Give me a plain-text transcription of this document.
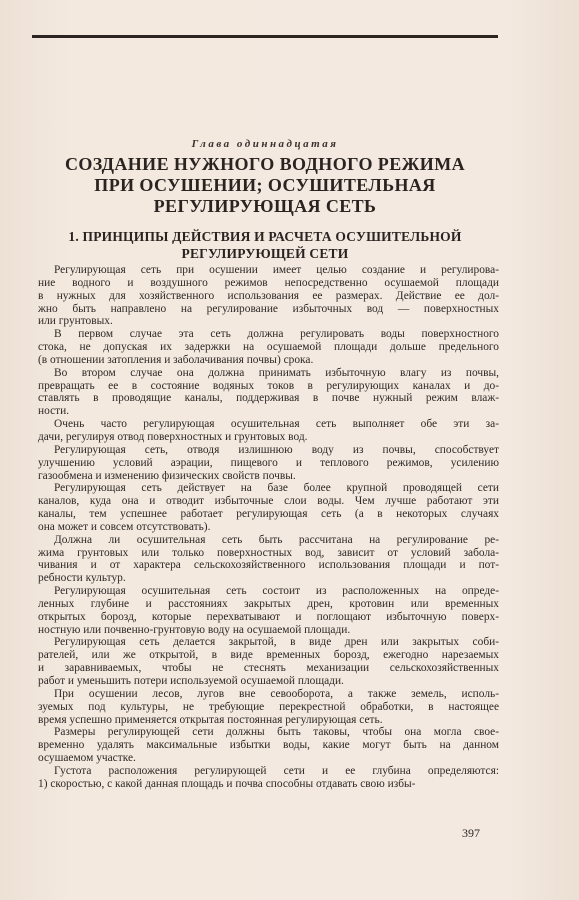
Глава одиннадцатая
СОЗДАНИЕ НУЖНОГО ВОДНОГО РЕЖИМА
ПРИ ОСУШЕНИИ; ОСУШИТЕЛЬНАЯ
РЕГУЛИРУЮЩАЯ СЕТЬ
1. ПРИНЦИПЫ ДЕЙСТВИЯ И РАСЧЕТА ОСУШИТЕЛЬНОЙ
РЕГУЛИРУЮЩЕЙ СЕТИ

Регулирующая сеть при осушении имеет целью создание и регулирова-
ние водного и воздушного режимов непосредственно осушаемой площади
в нужных для хозяйственного использования ее размерах. Действие ее дол-
жно быть направлено на регулирование избыточных вод — поверхностных
или грунтовых.

В первом случае эта сеть должна регулировать воды поверхностного
стока, не допуская их задержки на осушаемой площади дольше предельного
(в отношении затопления и заболачивания почвы) срока.

Во втором случае она должна принимать избыточную влагу из почвы,
превращать ее в состояние водяных токов в регулирующих каналах и до-
ставлять в проводящие каналы, поддерживая в почве нужный режим влаж-
ности.

Очень часто регулирующая осушительная сеть выполняет обе эти за-
дачи, регулируя отвод поверхностных и грунтовых вод.

Регулирующая сеть, отводя излишнюю воду из почвы, способствует
улучшению условий аэрации, пищевого и теплового режимов, усилению
газообмена и изменению физических свойств почвы.

Регулирующая сеть действует на базе более крупной проводящей сети
каналов, куда она и отводит избыточные слои воды. Чем лучше работают эти
каналы, тем успешнее работает регулирующая сеть (а в некоторых случаях
она может и совсем отсутствовать).

Должна ли осушительная сеть быть рассчитана на регулирование ре-
жима грунтовых или только поверхностных вод, зависит от условий забола-
чивания и от характера сельскохозяйственного использования площади и пот-
ребности культур.

Регулирующая осушительная сеть состоит из расположенных на опреде-
ленных глубине и расстояниях закрытых дрен, кротовин или временных
открытых борозд, которые перехватывают и поглощают избыточную поверх-
ностную или почвенно-грунтовую воду на осушаемой площади.

Регулирующая сеть делается закрытой, в виде дрен или закрытых соби-
рателей, или же открытой, в виде временных борозд, ежегодно нарезаемых
и заравниваемых, чтобы не стеснять механизации сельскохозяйственных
работ и уменьшить потери используемой осушаемой площади.

При осушении лесов, лугов вне севооборота, а также земель, исполь-
зуемых под культуры, не требующие перекрестной обработки, в настоящее
время успешно применяется открытая постоянная регулирующая сеть.

Размеры регулирующей сети должны быть таковы, чтобы она могла свое-
временно удалять максимальные избытки воды, какие могут быть на данном
осушаемом участке.

Густота расположения регулирующей сети и ее глубина определяются:
1) скоростью, с какой данная площадь и почва способны отдавать свою избы-

397
